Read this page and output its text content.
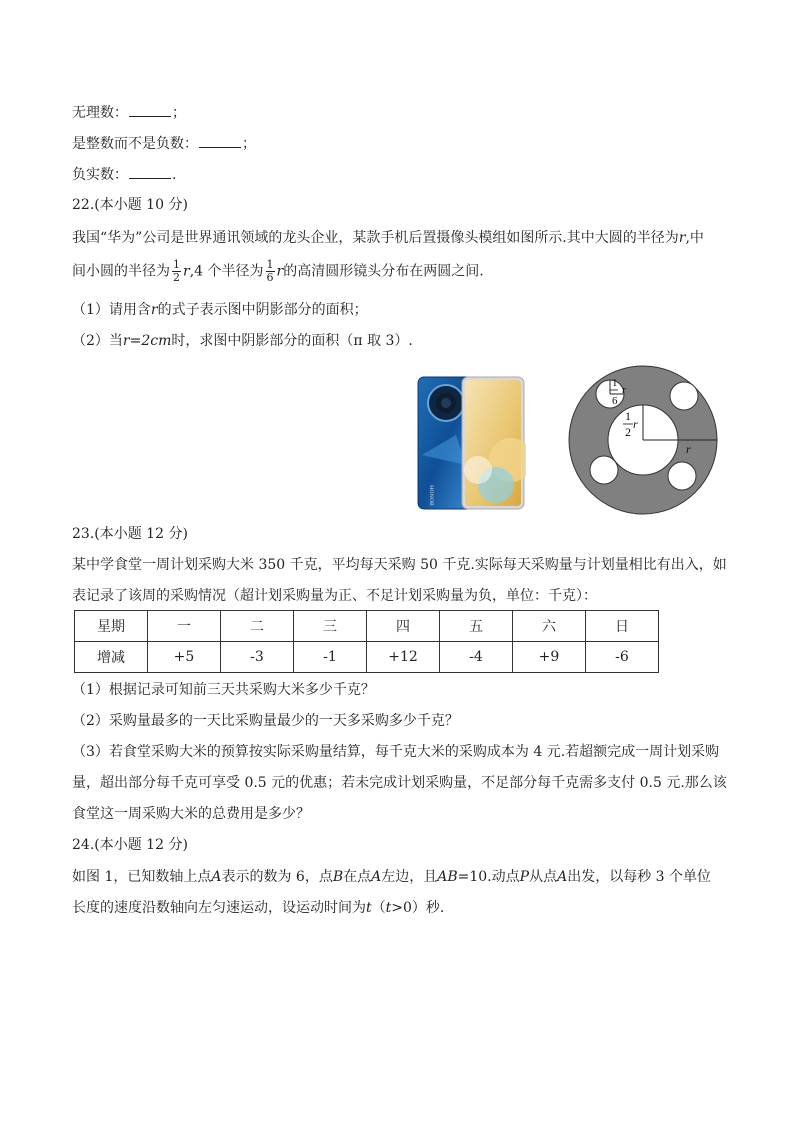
无理数：	；
是整数而不是负数：	；
负实数：	.
22.(本小题 10 分)
我国“华为”公司是世界通讯领域的龙头企业，某款手机后置摄像头模组如图所示.其中大圆的半径为r,中
间小圆的半径为 $\frac{1}{2} r,4$ 个半径为 $\frac{1}{6}$ r的高清圆形镜头分布在两圆之间.
（1）请用含r的式子表示图中阴影部分的面积；
（2）当r=2cm时，求图中阴影部分的面积（π 取 3）.
HONOR
1
6
r
1
2
r
r
23.(本小题 12 分)
某中学食堂一周计划采购大米 350 千克，平均每天采购 50 千克.实际每天采购量与计划量相比有出入，如
表记录了该周的采购情况（超计划采购量为正、不足计划采购量为负，单位：千克）：
星期	一	二	三	四	五	六	日
增减	+5	-3	-1	+12	-4	+9	-6
（1）根据记录可知前三天共采购大米多少千克？
（2）采购量最多的一天比采购量最少的一天多采购多少千克？
（3）若食堂采购大米的预算按实际采购量结算，每千克大米的采购成本为 4 元.若超额完成一周计划采购
量，超出部分每千克可享受 0.5 元的优惠；若未完成计划采购量，不足部分每千克需多支付 0.5 元.那么该
食堂这一周采购大米的总费用是多少？
24.(本小题 12 分)
如图 1，已知数轴上点A表示的数为 6，点B在点A左边，且AB=10.动点P从点A出发，以每秒 3 个单位
长度的速度沿数轴向左匀速运动，设运动时间为t（t>0）秒.
